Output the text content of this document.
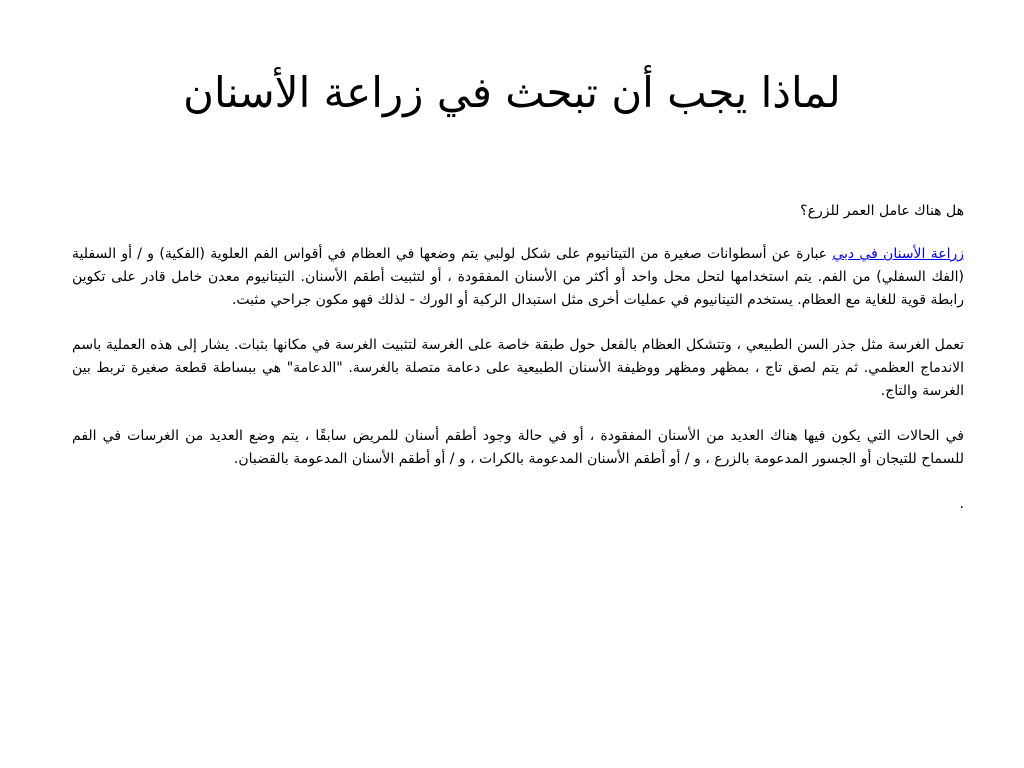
لماذا يجب أن تبحث في زراعة الأسنان

هل هناك عامل العمر للزرع؟

زراعة الأسنان في دبي عبارة عن أسطوانات صغيرة من التيتانيوم على شكل لولبي يتم وضعها في العظام في أقواس الفم العلوية (الفكية) و / أو السفلية (الفك السفلي) من الفم. يتم استخدامها لتحل محل واحد أو أكثر من الأسنان المفقودة ، أو لتثبيت أطقم الأسنان. التيتانيوم معدن خامل قادر على تكوين رابطة قوية للغاية مع العظام. يستخدم التيتانيوم في عمليات أخرى مثل استبدال الركبة أو الورك - لذلك فهو مكون جراحي مثبت.

تعمل الغرسة مثل جذر السن الطبيعي ، وتتشكل العظام بالفعل حول طبقة خاصة على الغرسة لتثبيت الغرسة في مكانها بثبات. يشار إلى هذه العملية باسم الاندماج العظمي. ثم يتم لصق تاج ، بمظهر ومظهر ووظيفة الأسنان الطبيعية على دعامة متصلة بالغرسة. "الدعامة" هي ببساطة قطعة صغيرة تربط بين الغرسة والتاج.

في الحالات التي يكون فيها هناك العديد من الأسنان المفقودة ، أو في حالة وجود أطقم أسنان للمريض سابقًا ، يتم وضع العديد من الغرسات في الفم للسماح للتيجان أو الجسور المدعومة بالزرع ، و / أو أطقم الأسنان المدعومة بالكرات ، و / أو أطقم الأسنان المدعومة بالقضبان.

.
